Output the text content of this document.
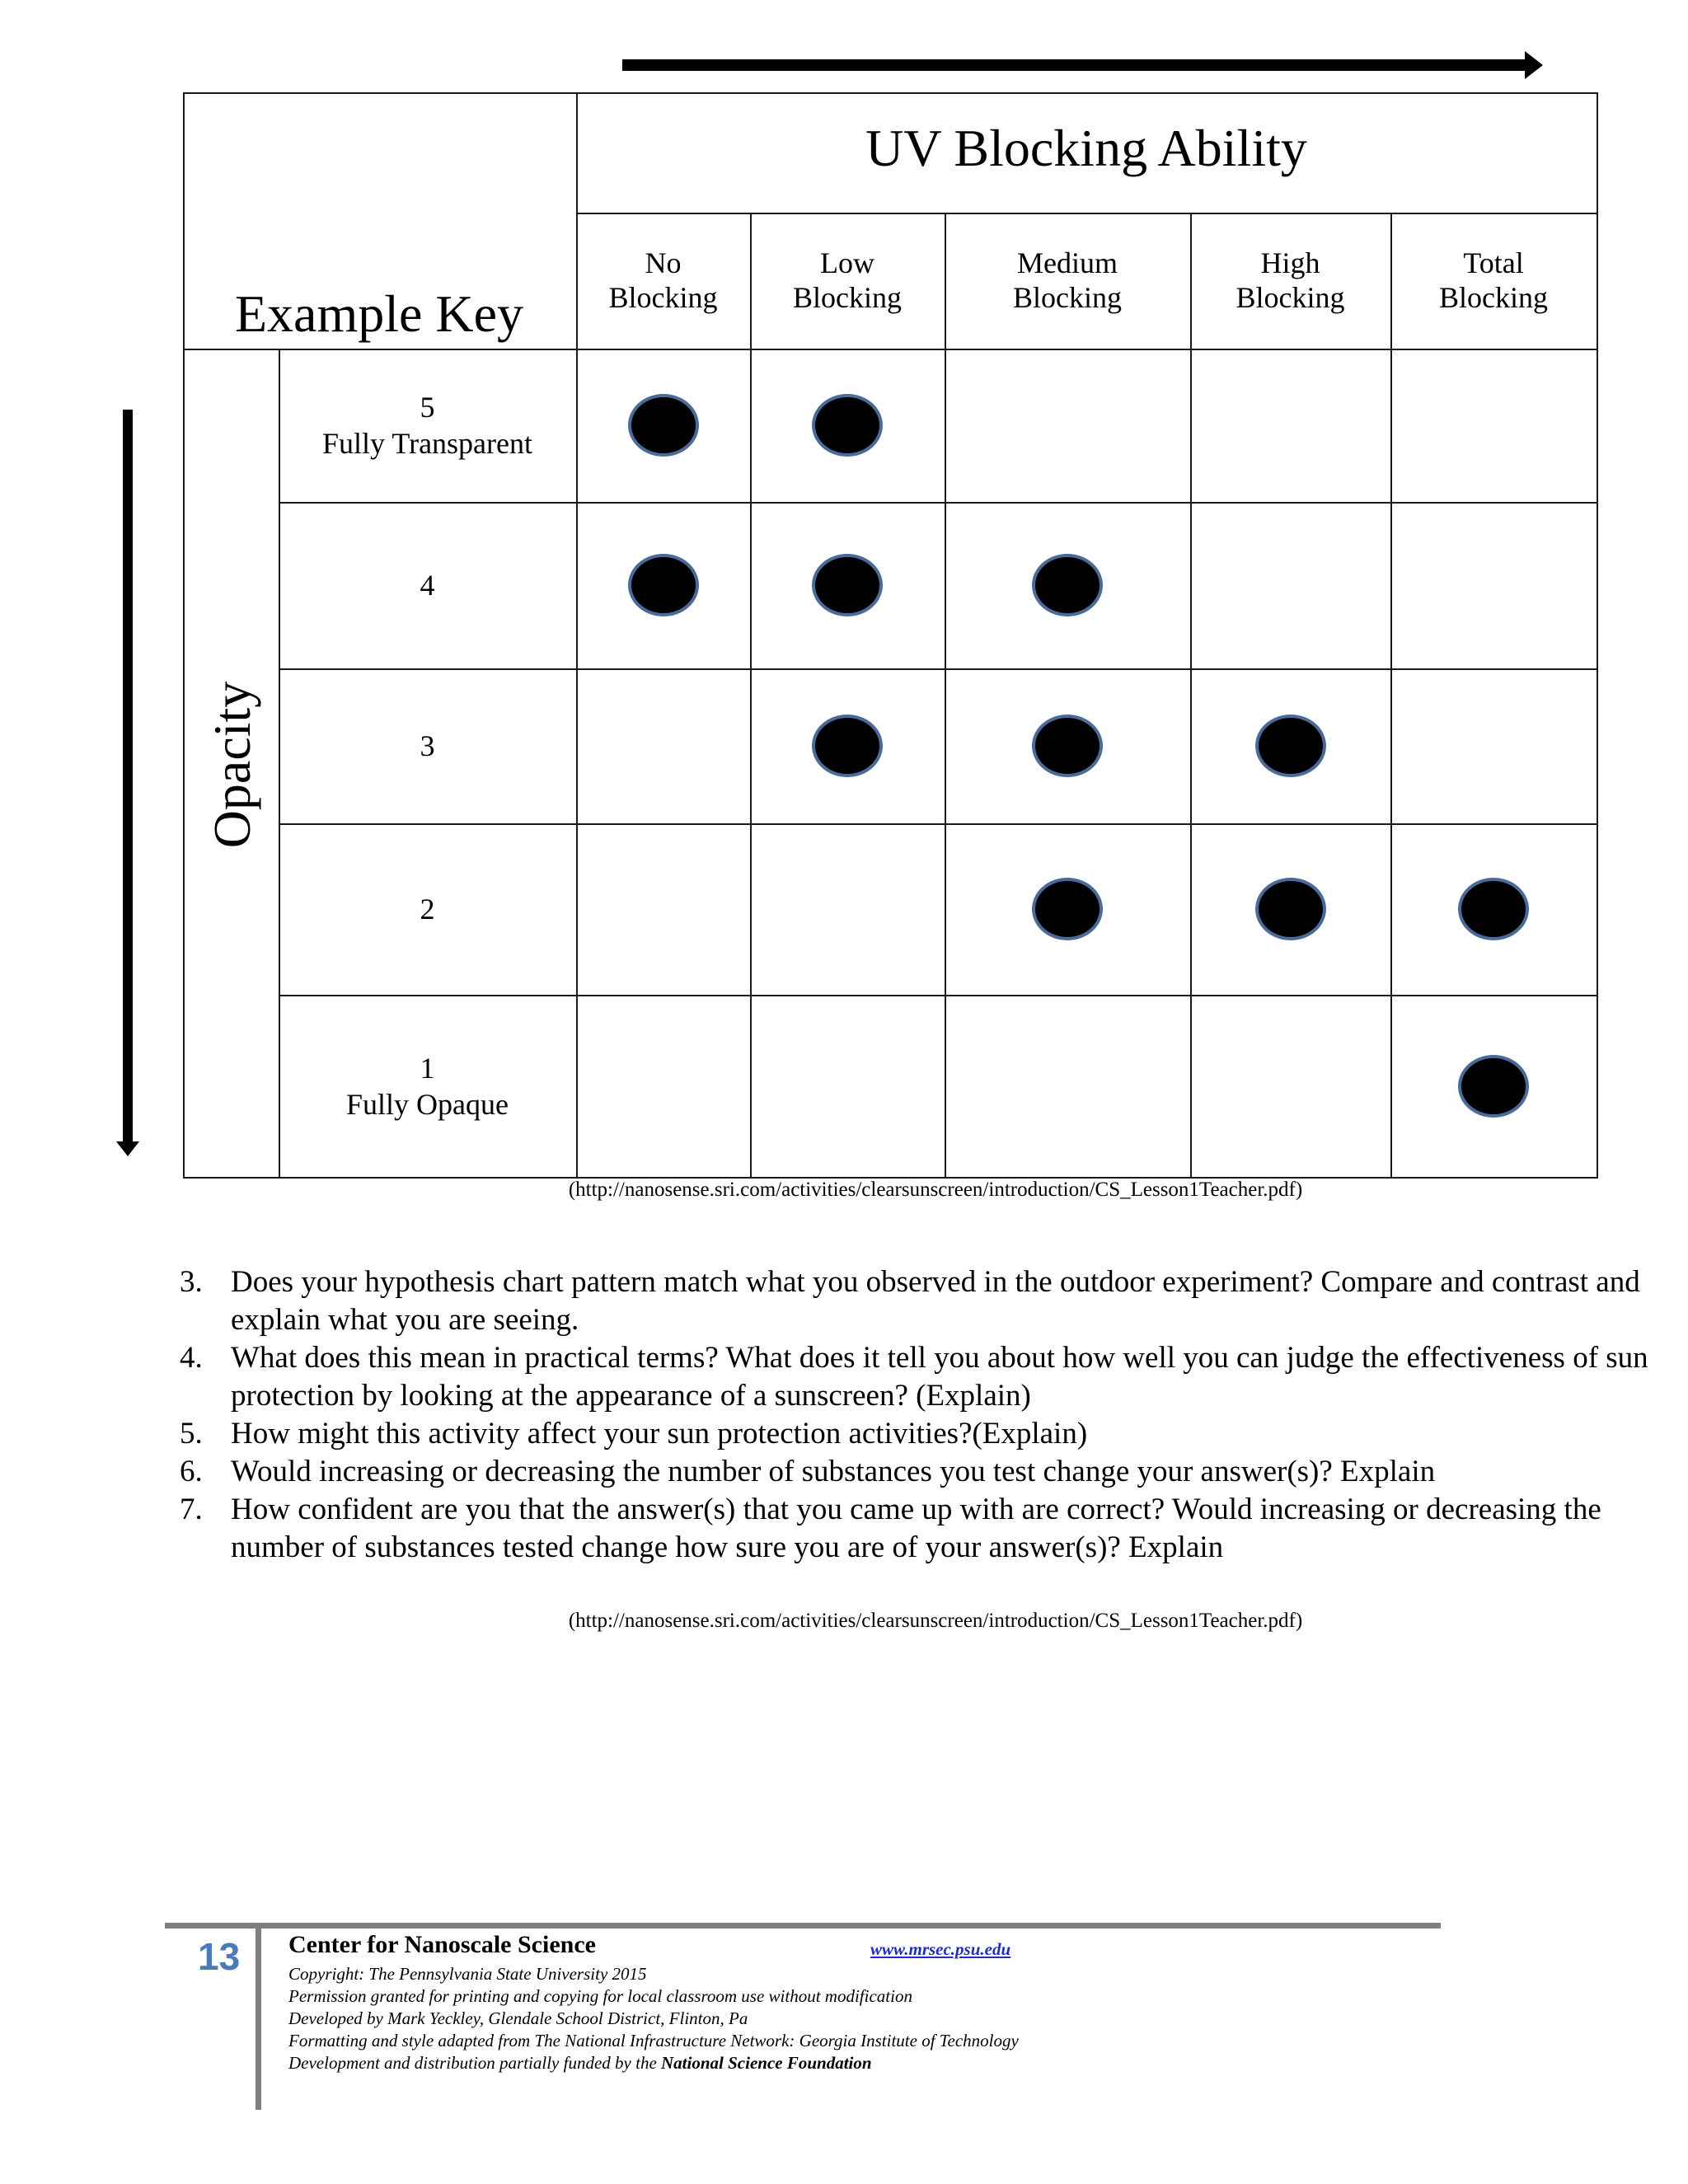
UV Blocking Ability
Example Key
Opacity
No
Blocking
Low
Blocking
Medium
Blocking
High
Blocking
Total
Blocking
5
Fully Transparent
4
3
2
1
Fully Opaque
(http://nanosense.sri.com/activities/clearsunscreen/introduction/CS_Lesson1Teacher.pdf)
3. Does your hypothesis chart pattern match what you observed in the outdoor experiment? Compare and contrast and explain what you are seeing.
4. What does this mean in practical terms? What does it tell you about how well you can judge the effectiveness of sun protection by looking at the appearance of a sunscreen? (Explain)
5. How might this activity affect your sun protection activities?(Explain)
6. Would increasing or decreasing the number of substances you test change your answer(s)? Explain
7. How confident are you that the answer(s) that you came up with are correct? Would increasing or decreasing the number of substances tested change how sure you are of your answer(s)? Explain
(http://nanosense.sri.com/activities/clearsunscreen/introduction/CS_Lesson1Teacher.pdf)
13 Center for Nanoscale Science	www.mrsec.psu.edu
Copyright: The Pennsylvania State University 2015
Permission granted for printing and copying for local classroom use without modification
Developed by Mark Yeckley, Glendale School District, Flinton, Pa
Formatting and style adapted from The National Infrastructure Network: Georgia Institute of Technology
Development and distribution partially funded by the National Science Foundation
